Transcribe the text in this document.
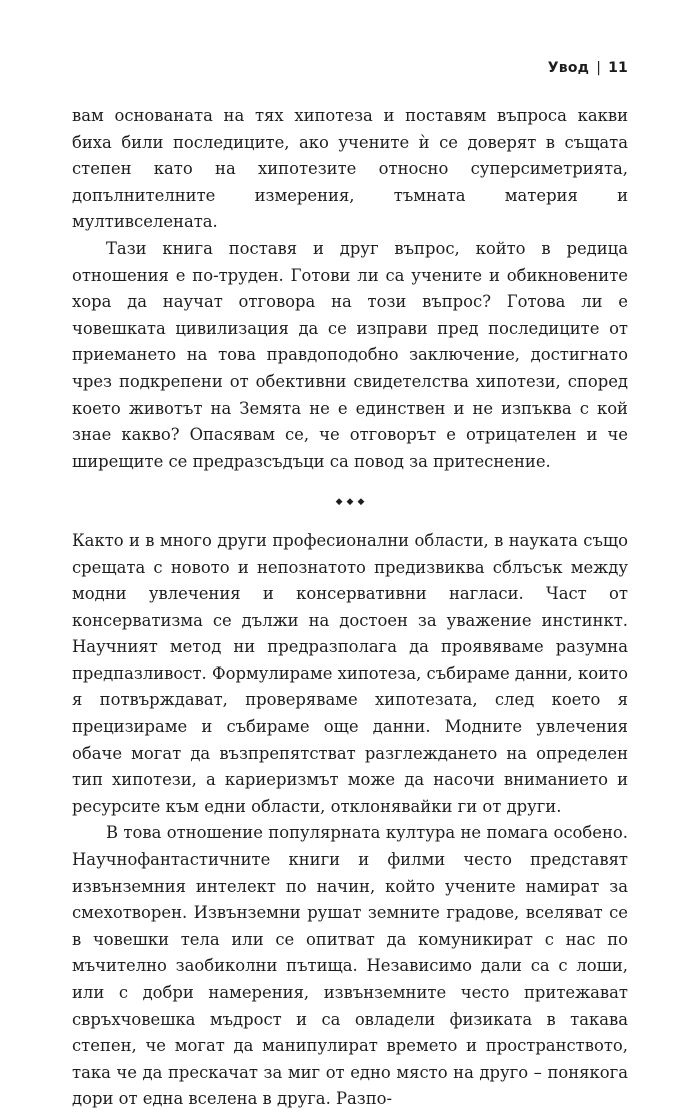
Увод | 11

вам основаната на тях хипотеза и поставям въпроса какви биха били последиците, ако учените ѝ се доверят в същата степен като на хипотезите относно суперсиметрията, допълнителните измерения, тъмната материя и мултивселената.

Тази книга поставя и друг въпрос, който в редица отношения е по-труден. Готови ли са учените и обикновените хора да научат отговора на този въпрос? Готова ли е човешката цивилизация да се изправи пред последиците от приемането на това правдоподобно заключение, достигнато чрез подкрепени от обективни свидетелства хипотези, според което животът на Земята не е единствен и не изпъква с кой знае какво? Опасявам се, че отговорът е отрицателен и че ширещите се предразсъдъци са повод за притеснение.

◆◆◆

Както и в много други професионални области, в науката също срещата с новото и непознатото предизвиква сблъсък между модни увлечения и консервативни нагласи. Част от консерватизма се дължи на достоен за уважение инстинкт. Научният метод ни предразполага да проявяваме разумна предпазливост. Формулираме хипотеза, събираме данни, които я потвърждават, проверяваме хипотезата, след което я прецизираме и събираме още данни. Модните увлечения обаче могат да възпрепятстват разглеждането на определен тип хипотези, а кариеризмът може да насочи вниманието и ресурсите към едни области, отклонявайки ги от други.

В това отношение популярната култура не помага особено. Научнофантастичните книги и филми често представят извънземния интелект по начин, който учените намират за смехотворен. Извънземни рушат земните градове, вселяват се в човешки тела или се опитват да комуникират с нас по мъчително заобиколни пътища. Независимо дали са с лоши, или с добри намерения, извънземните често притежават свръхчовешка мъдрост и са овладели физиката в такава степен, че могат да манипулират времето и пространството, така че да прескачат за миг от едно място на друго – понякога дори от една вселена в друга. Разпо-
